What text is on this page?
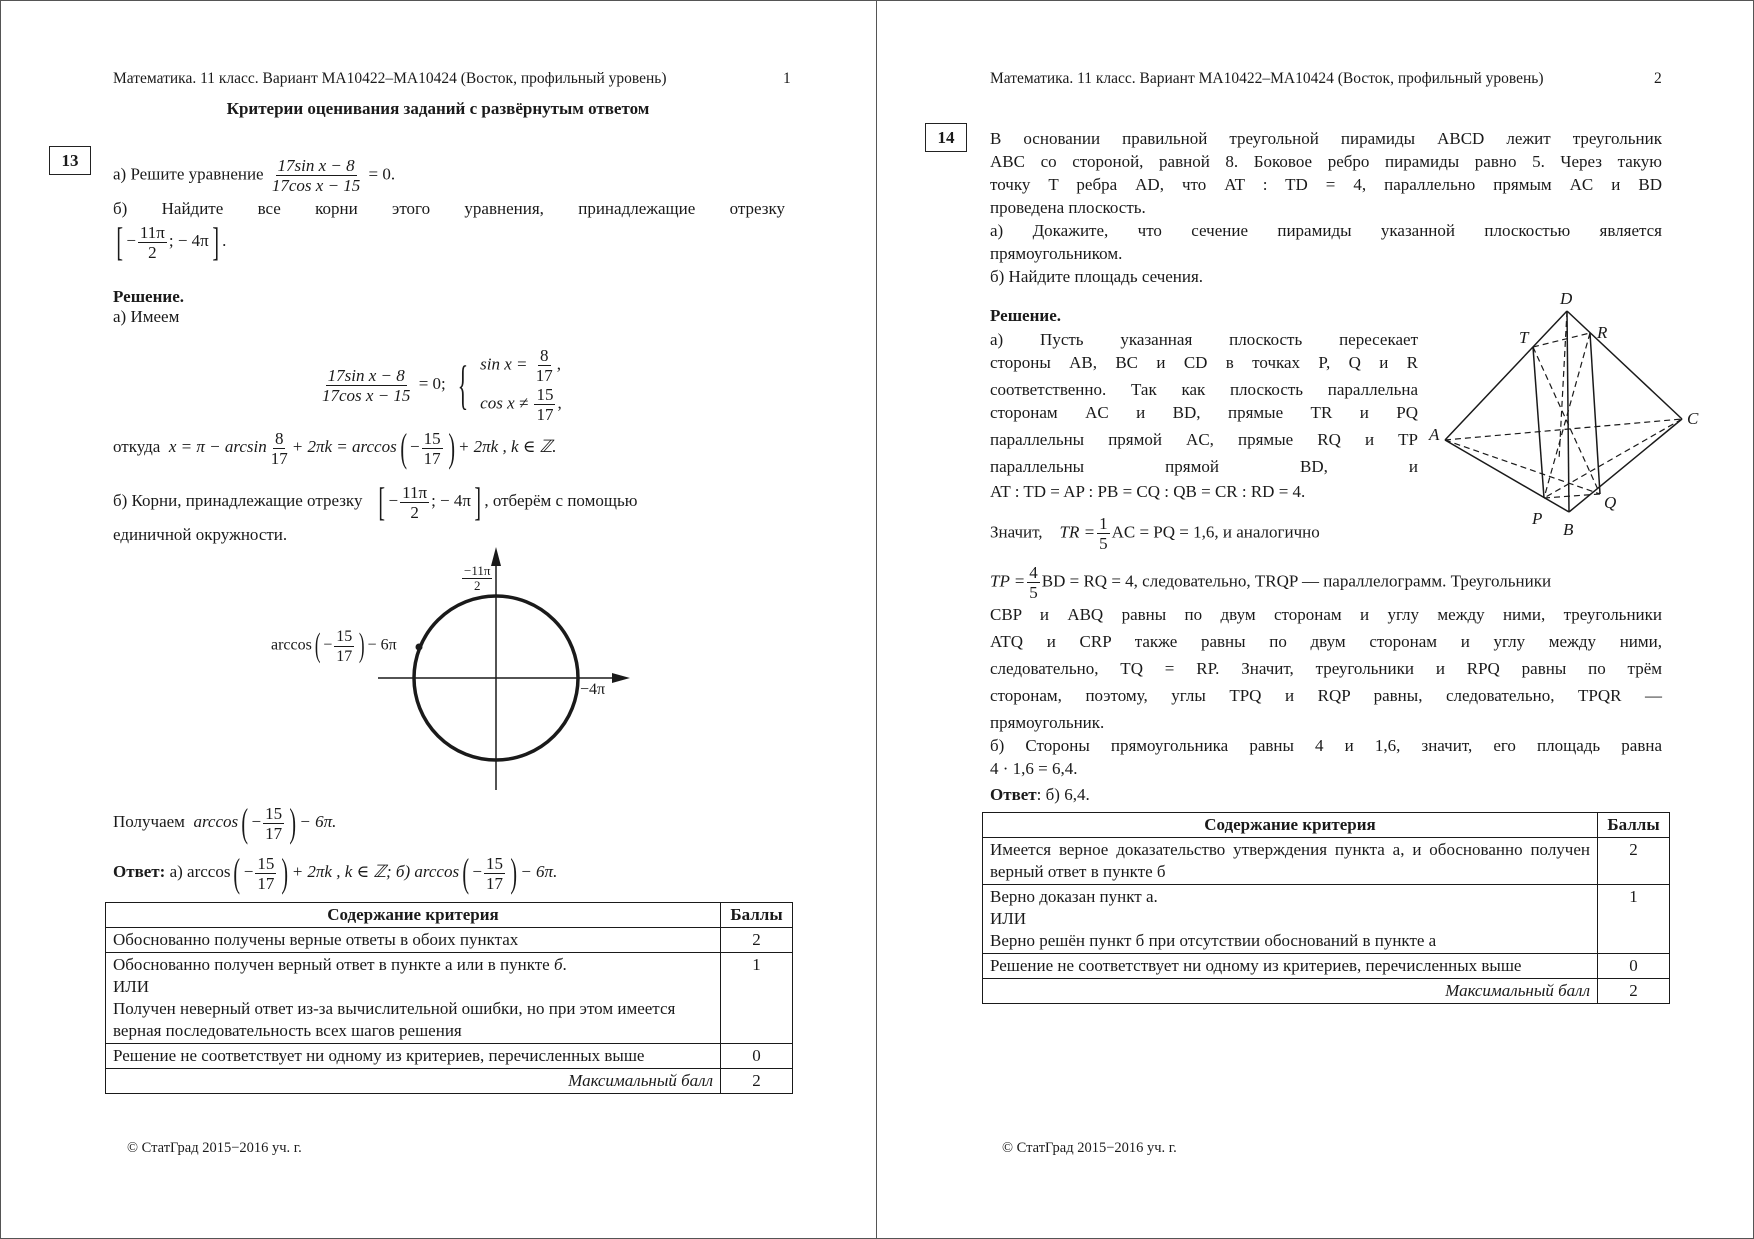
Математика. 11 класс. Вариант МА10422–МА10424 (Восток, профильный уровень)	1
Критерии оценивания заданий с развёрнутым ответом
13
а) Решите уравнение $\frac{\text{17sin x − 8}}{\text{17cos x − 15}} = 0$.
б) Найдите все корни этого уравнения, принадлежащие отрезку
[ − $\frac{11\pi}{2}$ ; − 4π] .
Решение.
а) Имеем
$\frac{\text{17sin x − 8}}{\text{17cos x − 15}} = 0$; { $\sin x = \frac{8}{17}$ ,
$\cos x \ne \frac{15}{17}$ ,
откуда $x = \pi - \arcsin \frac{8}{17} + 2\pi k = \arccos( - \frac{15}{17}$ ) + 2πk , k ∈ ℤ.
б) Корни, принадлежащие отрезку [ − $\frac{11\pi}{2}$ ; − 4π] , отберём с помощью
единичной окружности.
$\frac{-11\pi}{2}$
$\arccos( - \frac{15}{17}$ ) − 6π
−4π
Получаем $\arccos( - \frac{15}{17}$ ) − 6π.
Ответ: а) $\arccos( - \frac{15}{17}$ ) + 2πk , k ∈ ℤ; б) $\arccos( - \frac{15}{17}$ ) − 6π.
Содержание критерия	Баллы
Обоснованно получены верные ответы в обоих пунктах	2
Обоснованно получен верный ответ в пункте а или в пункте б.
ИЛИ
Получен неверный ответ из-за вычислительной ошибки, но при этом имеется верная последовательность всех шагов решения	1
Решение не соответствует ни одному из критериев, перечисленных выше	0
Максимальный балл	2
© СтатГрад 2015−2016 уч. г.
Математика. 11 класс. Вариант МА10422–МА10424 (Восток, профильный уровень)	2
14	В основании правильной треугольной пирамиды ABCD лежит треугольник
ABC со стороной, равной 8. Боковое ребро пирамиды равно 5. Через такую
точку T ребра AD, что AT : TD = 4, параллельно прямым AC и BD
проведена плоскость.
а) Докажите, что сечение пирамиды указанной плоскостью является
прямоугольником.
б) Найдите площадь сечения.
Решение.
а) Пусть указанная плоскость пересекает
стороны AB, BC и CD в точках P, Q и R
соответственно. Так как плоскость параллельна
сторонам AC и BD, прямые TR и PQ
параллельны прямой AC, прямые RQ и TP
параллельны прямой BD, и
AT : TD = AP : PB = CQ : QB = CR : RD = 4.
Значит, TR = $\frac{1}{5}$ AC = PQ = 1,6, и аналогично
TP = $\frac{4}{5}$ BD = RQ = 4, следовательно, TRQP — параллелограмм. Треугольники
CBP и ABQ равны по двум сторонам и углу между ними, треугольники
ATQ и CRP также равны по двум сторонам и углу между ними,
следовательно, TQ = RP. Значит, треугольники и RPQ равны по трём
сторонам, поэтому, углы TPQ и RQP равны, следовательно, TPQR —
прямоугольник.
б) Стороны прямоугольника равны 4 и 1,6, значит, его площадь равна
4 · 1,6 = 6,4.
Ответ: б) 6,4.
D
T	R
A
C
Q
P
B
Содержание критерия	Баллы
Имеется верное доказательство утверждения пункта а, и обоснованно получен верный ответ в пункте б	2
Верно доказан пункт а.
ИЛИ
Верно решён пункт б при отсутствии обоснований в пункте а	1
Решение не соответствует ни одному из критериев, перечисленных выше	0
Максимальный балл	2
© СтатГрад 2015−2016 уч. г.
